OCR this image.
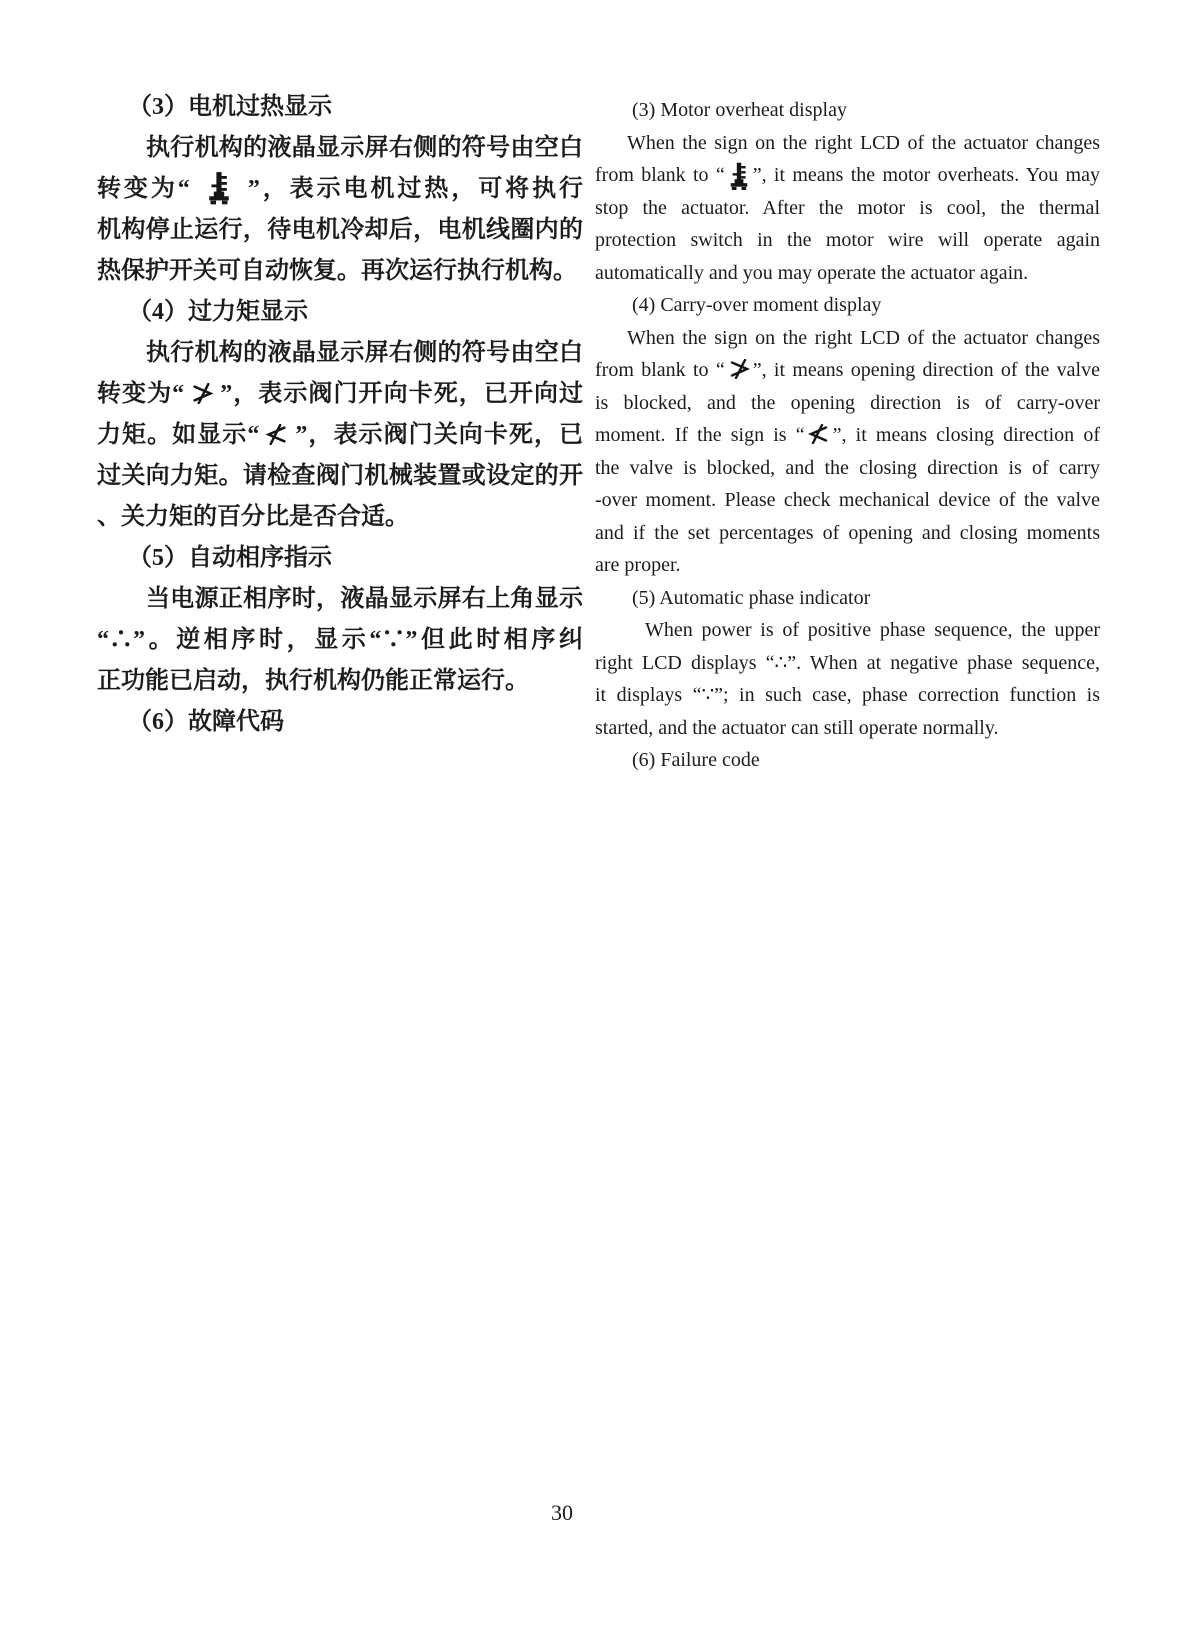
（3）电机过热显示
执行机构的液晶显示屏右侧的符号由空白
转变为“ ”，表示电机过热，可将执行
机构停止运行，待电机冷却后，电机线圈内的
热保护开关可自动恢复。再次运行执行机构。
（4）过力矩显示
执行机构的液晶显示屏右侧的符号由空白
转变为“ ”，表示阀门开向卡死，已开向过
力矩。如显示“ ”，表示阀门关向卡死，已
过关向力矩。请检查阀门机械装置或设定的开
、关力矩的百分比是否合适。
（5）自动相序指示
当电源正相序时，液晶显示屏右上角显示
“∴”。逆相序时，显示“∵”但此时相序纠
正功能已启动，执行机构仍能正常运行。
（6）故障代码
(3) Motor overheat display
When the sign on the right LCD of the actuator changes
from blank to “ ”, it means the motor overheats. You may
stop the actuator. After the motor is cool, the thermal
protection switch in the motor wire will operate again
automatically and you may operate the actuator again.
(4) Carry-over moment display
When the sign on the right LCD of the actuator changes
from blank to “ ”, it means opening direction of the valve
is blocked, and the opening direction is of carry-over
moment. If the sign is “ ”, it means closing direction of
the valve is blocked, and the closing direction is of carry
-over moment. Please check mechanical device of the valve
and if the set percentages of opening and closing moments
are proper.
(5) Automatic phase indicator
When power is of positive phase sequence, the upper
right LCD displays “∴”. When at negative phase sequence,
it displays “∵”; in such case, phase correction function is
started, and the actuator can still operate normally.
(6) Failure code
30
